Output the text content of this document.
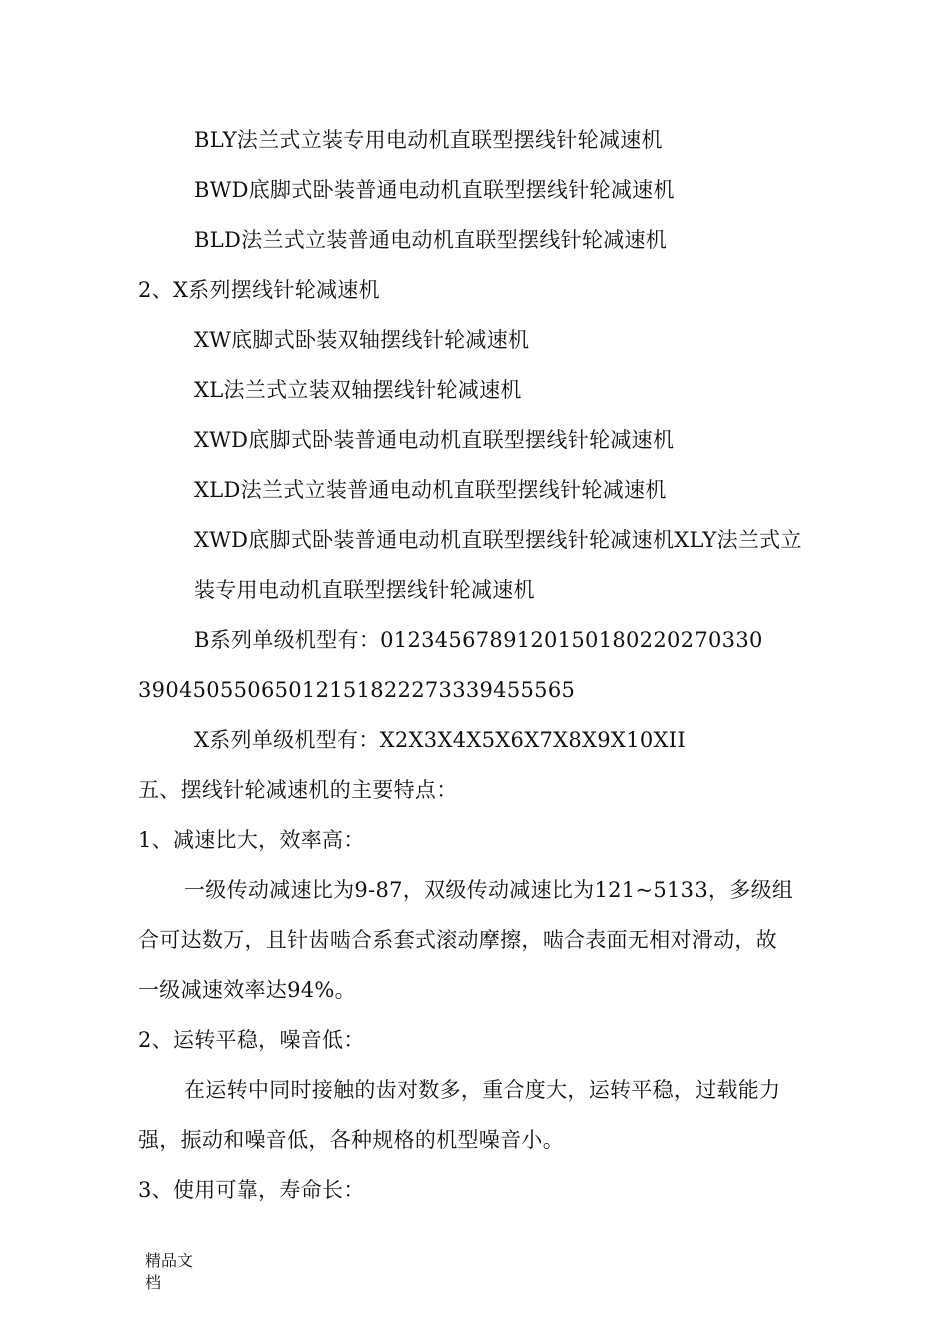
BLY法兰式立装专用电动机直联型摆线针轮减速机
BWD底脚式卧装普通电动机直联型摆线针轮减速机
BLD法兰式立装普通电动机直联型摆线针轮减速机
2、X系列摆线针轮减速机
XW底脚式卧装双轴摆线针轮减速机
XL法兰式立装双轴摆线针轮减速机
XWD底脚式卧装普通电动机直联型摆线针轮减速机
XLD法兰式立装普通电动机直联型摆线针轮减速机
XWD底脚式卧装普通电动机直联型摆线针轮减速机XLY法兰式立
装专用电动机直联型摆线针轮减速机
B系列单级机型有：01234567891201501802202703​30
39045055065012151822273339455565
X系列单级机型有：X2X3X4X5X6X7X8X9X10XII
五、摆线针轮减速机的主要特点：
1、减速比大，效率高：
一级传动减速比为9-87，双级传动减速比为121~5133，多级组
合可达数万，且针齿啮合系套式滚动摩擦，啮合表面无相对滑动，故
一级减速效率达94%。
2、运转平稳，噪音低：
在运转中同时接触的齿对数多，重合度大，运转平稳，过载能力
强，振动和噪音低，各种规格的机型噪音小。
3、使用可靠，寿命长：
精品文档
